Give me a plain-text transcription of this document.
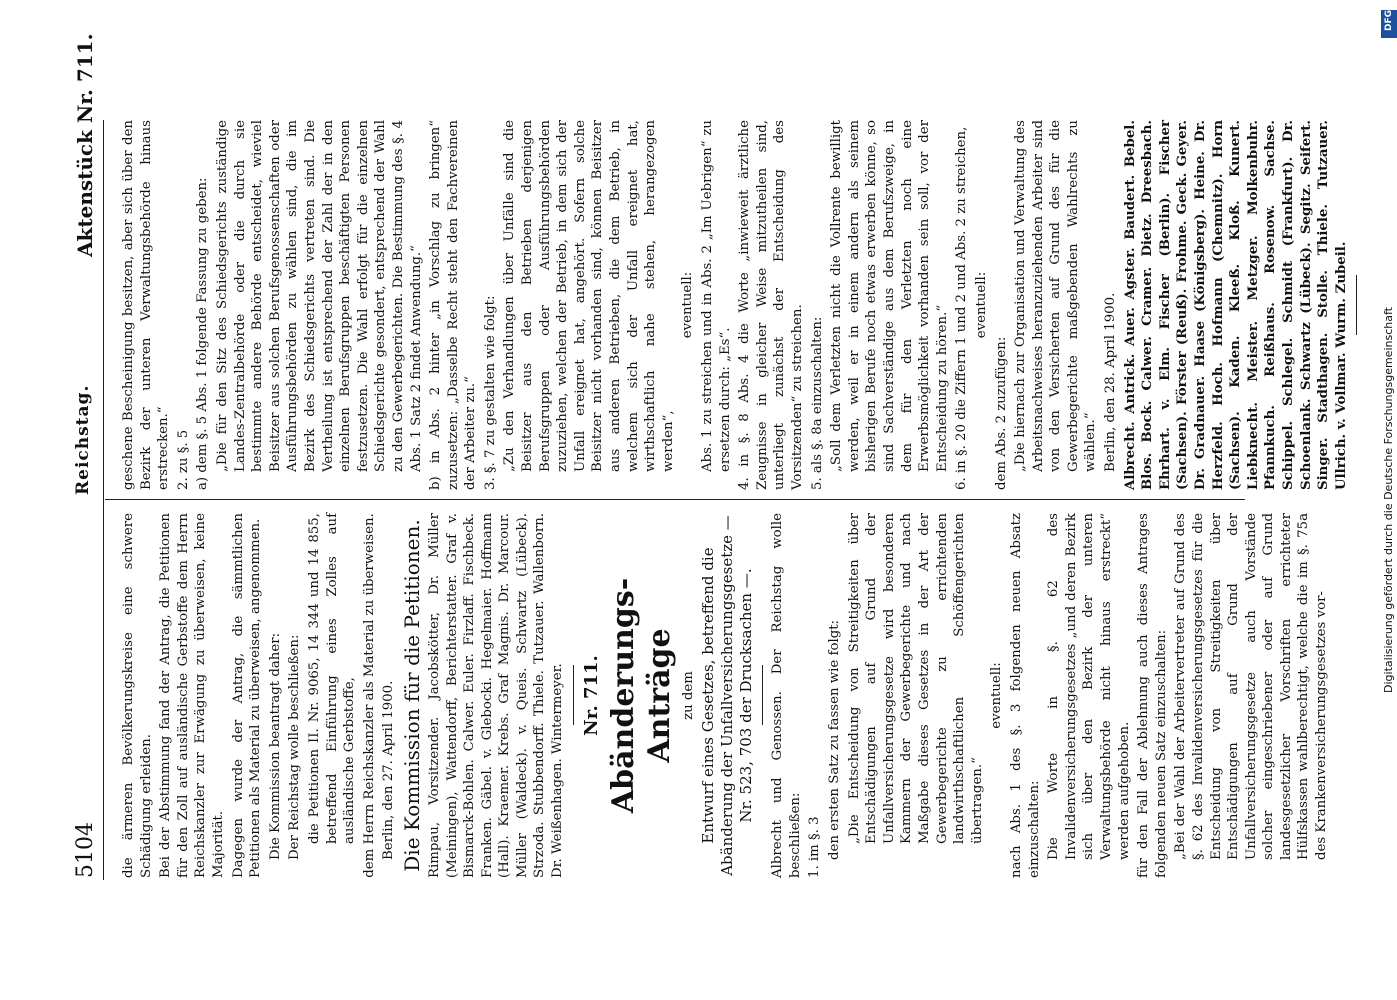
5104
Reichstag.
Aktenstück Nr. 711.

die ärmeren Bevölkerungskreise eine schwere Schädigung erleiden. Bei der Abstimmung fand der Antrag, die Petitionen für den Zoll auf ausländische Gerbstoffe dem Herrn Reichskanzler zur Erwägung zu überweisen, keine Majorität. Dagegen wurde der Antrag, die sämmtlichen Petitionen als Material zu überweisen, angenommen. Die Kommission beantragt daher: Der Reichstag wolle beschließen: die Petitionen II. Nr. 9065, 14 344 und 14 855, betreffend Einführung eines Zolles auf ausländische Gerbstoffe, dem Herrn Reichskanzler als Material zu überweisen. Berlin, den 27. April 1900. Die Kommission für die Petitionen. Rimpau, Vorsitzender. Jacobskötter, Dr. Müller (Meiningen), Wattendorff, Berichterstatter. Graf v. Bismarck-Bohlen. Calwer. Euler. Firzlaff. Fischbeck. Franken. Gäbel. v. Glebocki. Hegelmaier. Hoffmann (Hall). Kraemer. Krebs. Graf Magnis. Dr. Marcour. Müller (Waldeck). v. Queis. Schwartz (Lübeck). Strzoda. Stubbendorff. Thiele. Tutzauer. Wallenborn. Dr. Weißenhagen. Wintermeyer. Nr. 711. Abänderungs-Anträge zu dem Entwurf eines Gesetzes, betreffend die Abänderung der Unfallversicherungsgesetze — Nr. 523, 703 der Drucksachen —. Albrecht und Genossen. Der Reichstag wolle beschließen: 1. im §. 3 den ersten Satz zu fassen wie folgt: „Die Entscheidung von Streitigkeiten über Entschädigungen auf Grund der Unfallversicherungsgesetze wird besonderen Kammern der Gewerbegerichte und nach Maßgabe dieses Gesetzes in der Art der Gewerbegerichte zu errichtenden landwirthschaftlichen Schöffengerichten übertragen.“

eventuell: nach Abs. 1 des §. 3 folgenden neuen Absatz einzuschalten: Die Worte in §. 62 des Invalidenversicherungsgesetzes „und deren Bezirk sich über den Bezirk der unteren Verwaltungsbehörde nicht hinaus erstreckt“ werden aufgehoben. für den Fall der Ablehnung auch dieses Antrages folgenden neuen Satz einzuschalten: „Bei der Wahl der Arbeitervertreter auf Grund des §. 62 des Invalidenversicherungsgesetzes für die Entscheidung von Streitigkeiten über Entschädigungen auf Grund der Unfallversicherungsgesetze auch Vorstände solcher eingeschriebener oder auf Grund landesgesetzlicher Vorschriften errichteter Hülfskassen wahlberechtigt, welche die im §. 75a des Krankenversicherungsgesetzes vor-

geschene Bescheinigung besitzen, aber sich über den Bezirk der unteren Verwaltungsbehörde hinaus erstrecken.“ 2. zu §. 5 a) dem §. 5 Abs. 1 folgende Fassung zu geben: „Die für den Sitz des Schiedsgerichts zuständige Landes-Zentralbehörde oder die durch sie bestimmte andere Behörde entscheidet, wieviel Beisitzer aus solchen Berufsgenossenschaften oder Ausführungsbehörden zu wählen sind, die im Bezirk des Schiedsgerichts vertreten sind. Die Vertheilung ist entsprechend der Zahl der in den einzelnen Berufsgruppen beschäftigten Personen festzusetzen. Die Wahl erfolgt für die einzelnen Schiedsgerichte gesondert, entsprechend der Wahl zu den Gewerbegerichten. Die Bestimmung des §. 4 Abs. 1 Satz 2 findet Anwendung.“ b) in Abs. 2 hinter „in Vorschlag zu bringen“ zuzusetzen: „Dasselbe Recht steht den Fachvereinen der Arbeiter zu.“ 3. §. 7 zu gestalten wie folgt: „Zu den Verhandlungen über Unfälle sind die Beisitzer aus den Betrieben derjenigen Berufsgruppen oder Ausführungsbehörden zuzuziehen, welchen der Betrieb, in dem sich der Unfall ereignet hat, angehört. Sofern solche Beisitzer nicht vorhanden sind, können Beisitzer aus anderen Betrieben, die dem Betrieb, in welchem sich der Unfall ereignet hat, wirthschaftlich nahe stehen, herangezogen werden“,

eventuell: Abs. 1 zu streichen und in Abs. 2 „Im Uebrigen“ zu ersetzen durch: „Es“. 4. in §. 8 Abs. 4 die Worte „inwieweit ärztliche Zeugnisse in gleicher Weise mitzutheilen sind, unterliegt zunächst der Entscheidung des Vorsitzenden“ zu streichen. 5. als §. 8a einzuschalten: „Soll dem Verletzten nicht die Vollrente bewilligt werden, weil er in einem andern als seinem bisherigen Berufe noch etwas erwerben könne, so sind Sachverständige aus dem Berufszweige, in dem für den Verletzten noch eine Erwerbsmöglichkeit vorhanden sein soll, vor der Entscheidung zu hören.“ 6. in §. 20 die Ziffern 1 und 2 und Abs. 2 zu streichen, eventuell:

dem Abs. 2 zuzufügen: „Die hiernach zur Organisation und Verwaltung des Arbeitsnachweises heranzuziehenden Arbeiter sind von den Versicherten auf Grund des für die Gewerbegerichte maßgebenden Wahlrechts zu wählen.“ Berlin, den 28. April 1900. Albrecht. Antrick. Auer. Agster. Baudert. Bebel. Blos. Bock. Calwer. Cramer. Dietz. Dreesbach. Ehrhart. v. Elm. Fischer (Berlin). Fischer (Sachsen). Förster (Reuß). Frohme. Geck. Geyer. Dr. Gradnauer. Haase (Königsberg). Heine. Dr. Herzfeld. Hoch. Hofmann (Chemnitz). Horn (Sachsen). Kaden. Kleeß. Kloß. Kunert. Liebknecht. Meister. Metzger. Molkenbuhr. Pfannkuch. Reißhaus. Rosenow. Sachse. Schippel. Schlegel. Schmidt (Frankfurt). Dr. Schoenlank. Schwartz (Lübeck). Segitz. Seifert. Singer. Stadthagen. Stolle. Thiele. Tutzauer. Ullrich. v. Vollmar. Wurm. Zubeil.	Digitalisierung gefördert durch die Deutsche Forschungsgemeinschaft
DFG
